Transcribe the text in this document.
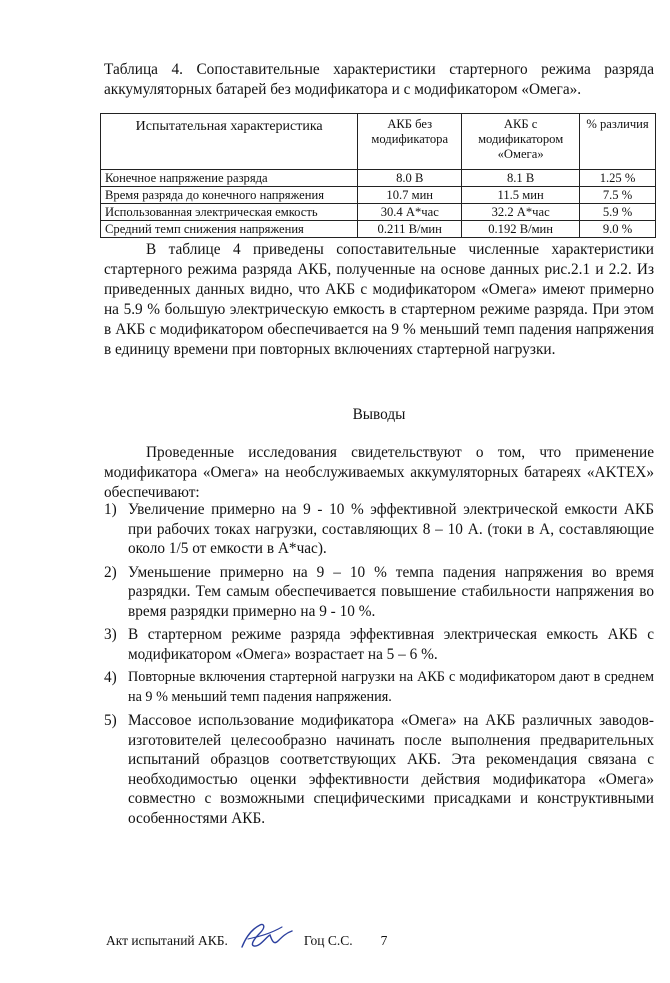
Таблица 4. Сопоставительные характеристики стартерного режима разряда аккумуляторных батарей без модификатора и с модификатором «Омега».
Испытательная характеристика	АКБ без модификатора	АКБ с модификатором «Омега»	% различия
Конечное напряжение разряда	8.0 В	8.1 В	1.25 %
Время разряда до конечного напряжения	10.7 мин	11.5 мин	7.5 %
Использованная электрическая емкость	30.4 А*час	32.2 А*час	5.9 %
Средний темп снижения напряжения	0.211 В/мин	0.192 В/мин	9.0 %

В таблице 4 приведены сопоставительные численные характеристики стартерного режима разряда АКБ, полученные на основе данных рис.2.1 и 2.2. Из приведенных данных видно, что АКБ с модификатором «Омега» имеют примерно на 5.9 % большую электрическую емкость в стартерном режиме разряда. При этом в АКБ с модификатором обеспечивается на 9 % меньший темп падения напряжения в единицу времени при повторных включениях стартерной нагрузки.

Выводы

Проведенные исследования свидетельствуют о том, что применение модификатора «Омега» на необслуживаемых аккумуляторных батареях «AKTEX» обеспечивают:

1) Увеличение примерно на 9 - 10 % эффективной электрической емкости АКБ при рабочих токах нагрузки, составляющих 8 – 10 А. (токи в А, составляющие около 1/5 от емкости в А*час).
2) Уменьшение примерно на 9 – 10 % темпа падения напряжения во время разрядки. Тем самым обеспечивается повышение стабильности напряжения во время разрядки примерно на 9 - 10 %.
3) В стартерном режиме разряда эффективная электрическая емкость АКБ с модификатором «Омега» возрастает на 5 – 6 %.
4) Повторные включения стартерной нагрузки на АКБ с модификатором дают в среднем на 9 % меньший темп падения напряжения.
5) Массовое использование модификатора «Омега» на АКБ различных заводов-изготовителей целесообразно начинать после выполнения предварительных испытаний образцов соответствующих АКБ. Эта рекомендация связана с необходимостью оценки эффективности действия модификатора «Омега» совместно с возможными специфическими присадками и конструктивными особенностями АКБ.
Акт испытаний АКБ.	Гоц С.С. 7
